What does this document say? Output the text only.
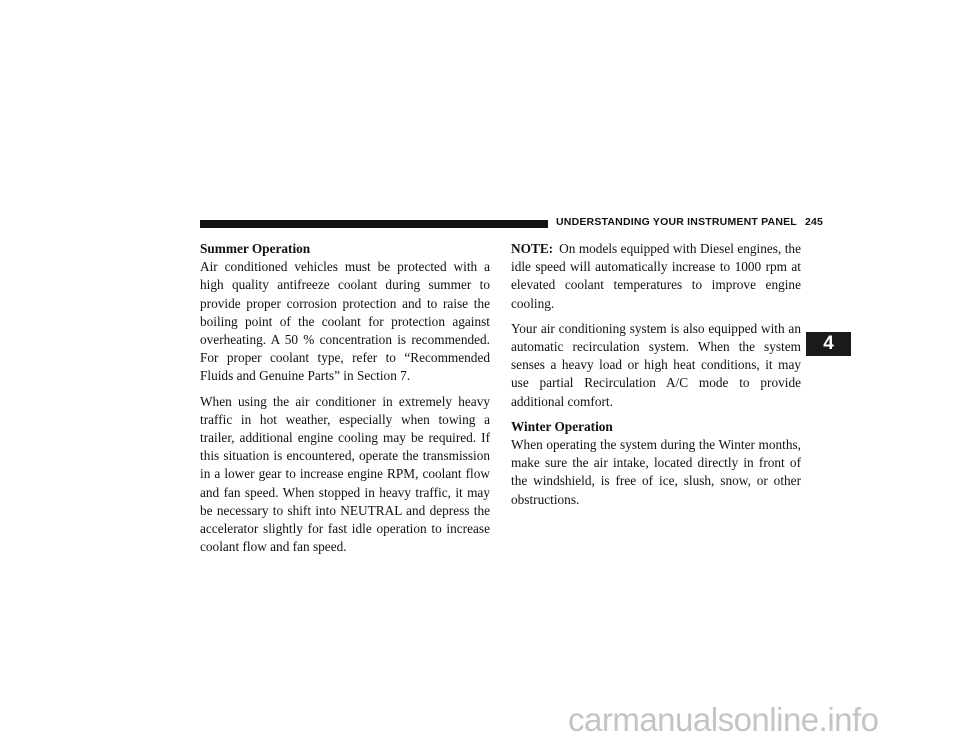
UNDERSTANDING YOUR INSTRUMENT PANEL 245
4
Summer Operation

Air conditioned vehicles must be protected with a high quality antifreeze coolant during summer to provide proper corrosion protection and to raise the boiling point of the coolant for protection against overheating. A 50 % concentration is recommended. For proper coolant type, refer to “Recommended Fluids and Genuine Parts” in Section 7.

When using the air conditioner in extremely heavy traffic in hot weather, especially when towing a trailer, additional engine cooling may be required. If this situation is encountered, operate the transmission in a lower gear to increase engine RPM, coolant flow and fan speed. When stopped in heavy traffic, it may be necessary to shift into NEUTRAL and depress the accelerator slightly for fast idle operation to increase coolant flow and fan speed.

NOTE: On models equipped with Diesel engines, the idle speed will automatically increase to 1000 rpm at elevated coolant temperatures to improve engine cooling.

Your air conditioning system is also equipped with an automatic recirculation system. When the system senses a heavy load or high heat conditions, it may use partial Recirculation A/C mode to provide additional comfort.

Winter Operation

When operating the system during the Winter months, make sure the air intake, located directly in front of the windshield, is free of ice, slush, snow, or other obstructions.

carmanualsonline.info
